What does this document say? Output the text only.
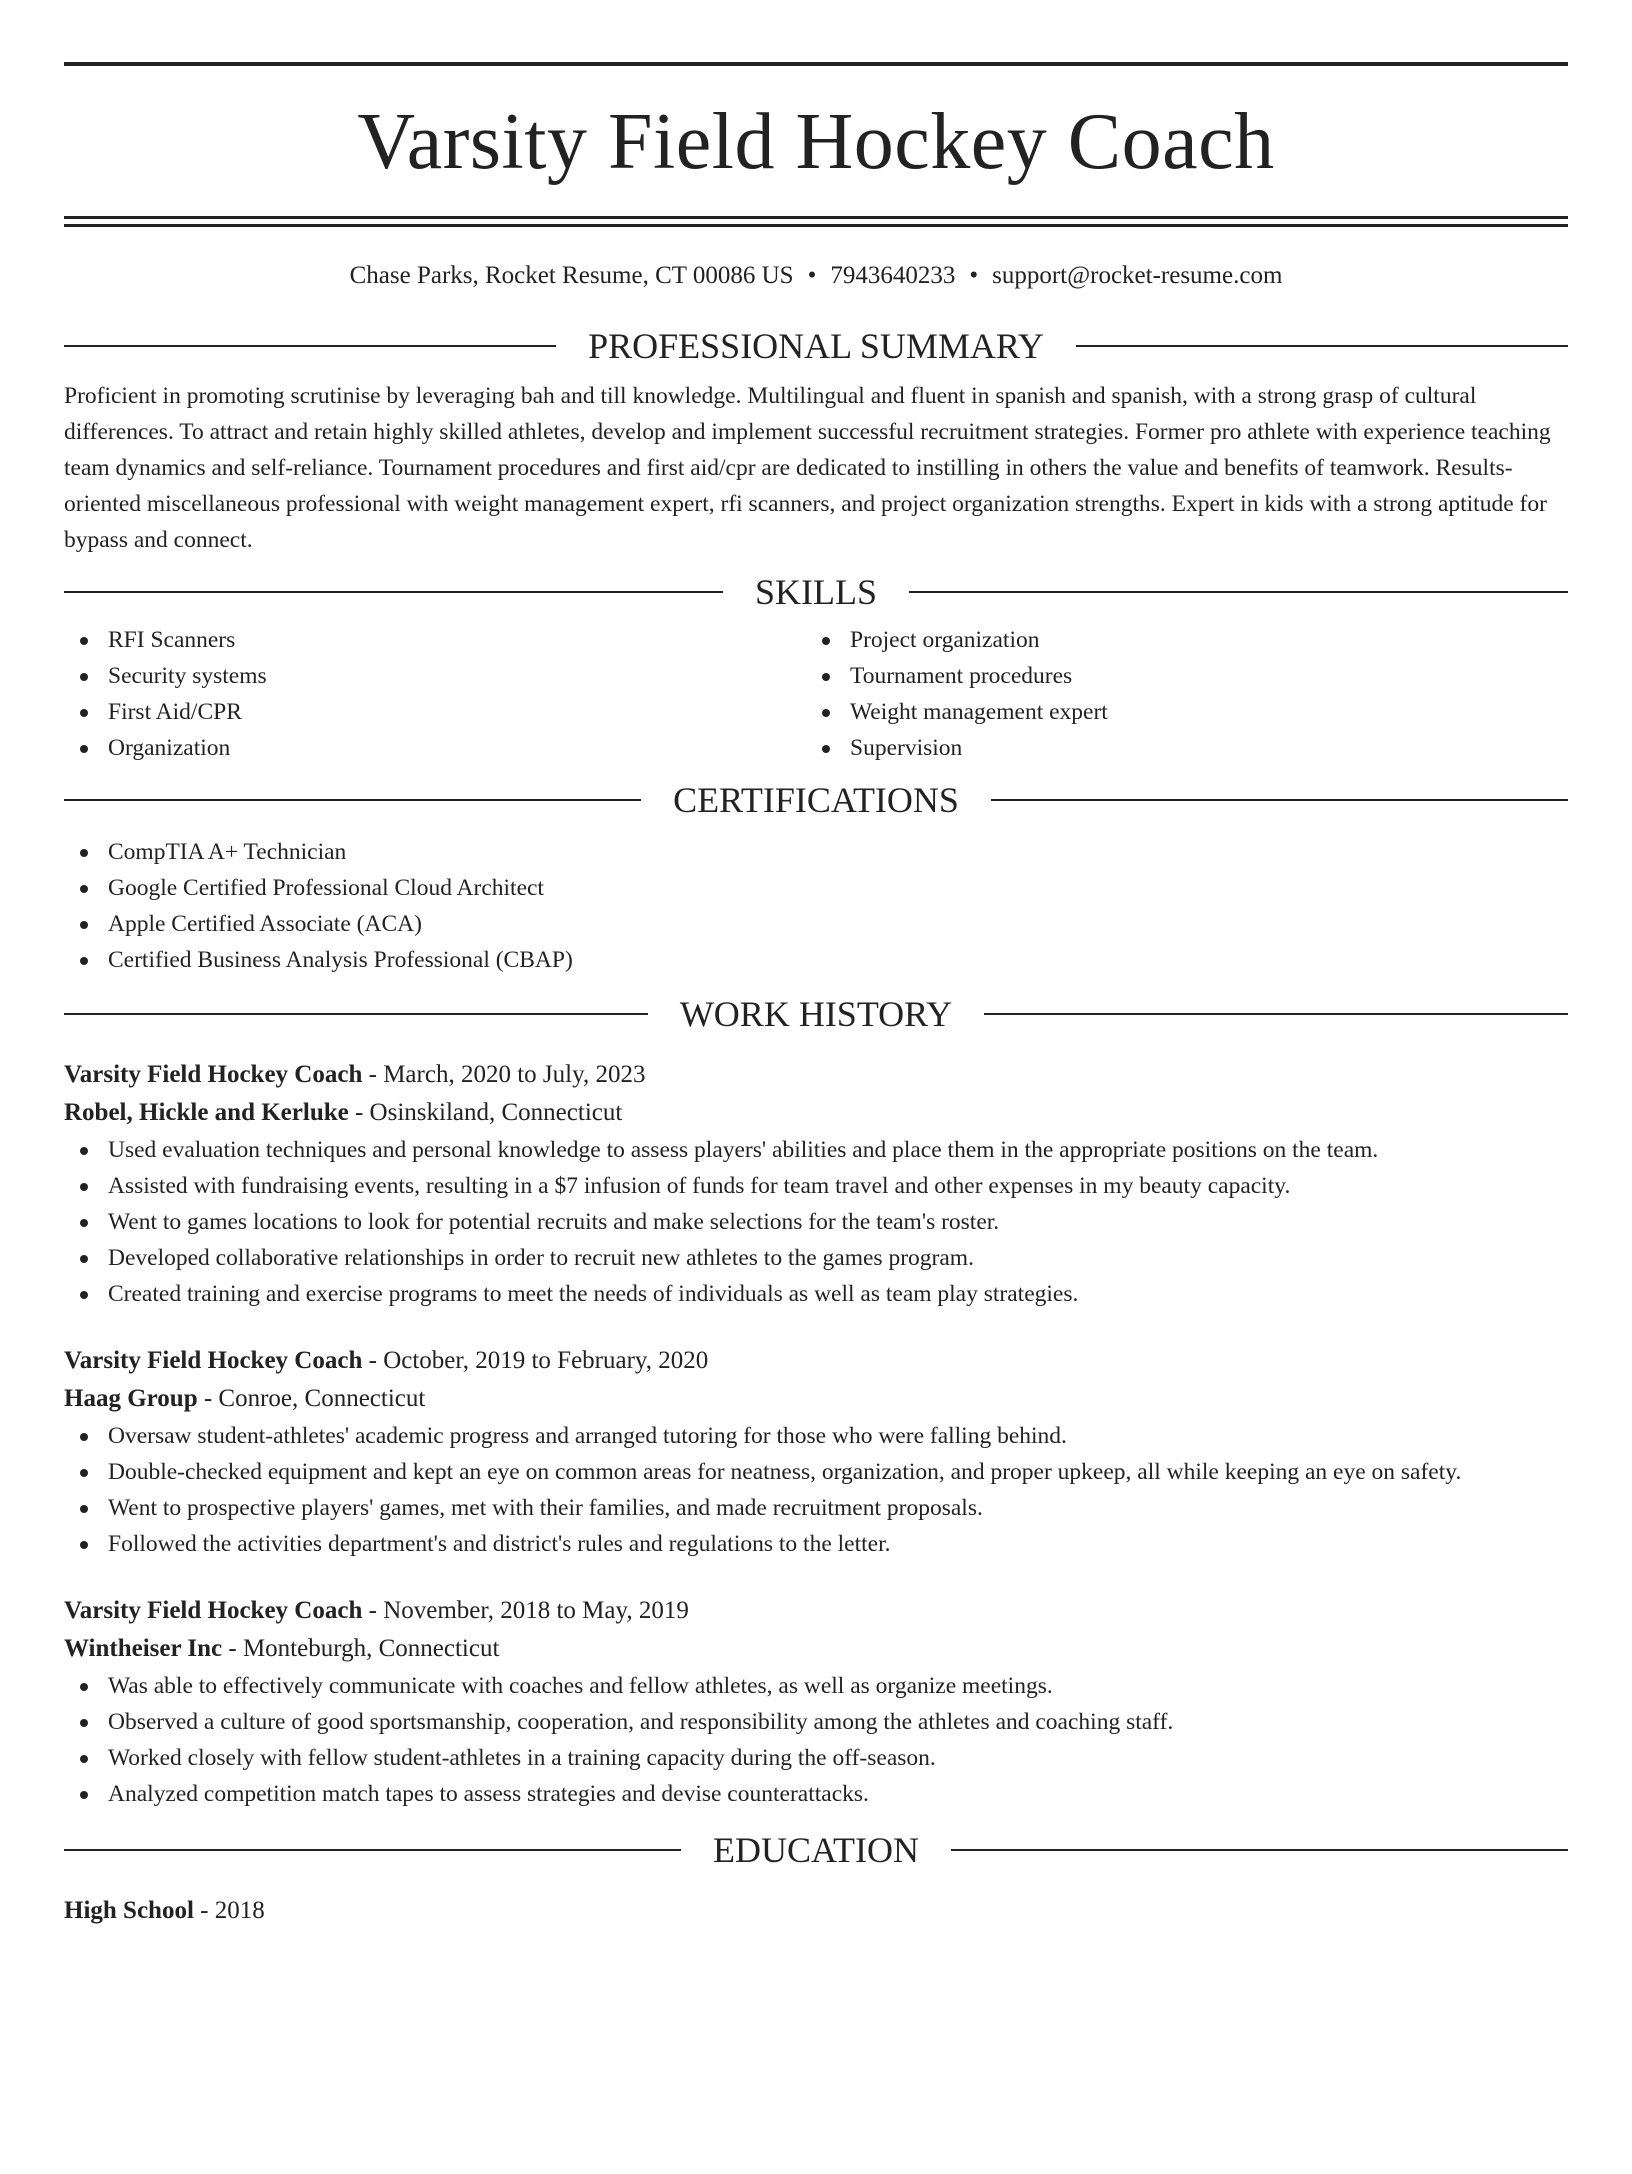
Varsity Field Hockey Coach
Chase Parks, Rocket Resume, CT 00086 US • 7943640233 • support@rocket-resume.com
PROFESSIONAL SUMMARY

Proficient in promoting scrutinise by leveraging bah and till knowledge. Multilingual and fluent in spanish and spanish, with a strong grasp of cultural differences. To attract and retain highly skilled athletes, develop and implement successful recruitment strategies. Former pro athlete with experience teaching team dynamics and self-reliance. Tournament procedures and first aid/cpr are dedicated to instilling in others the value and benefits of teamwork. Results-oriented miscellaneous professional with weight management expert, rfi scanners, and project organization strengths. Expert in kids with a strong aptitude for bypass and connect.

SKILLS
RFI Scanners
Security systems
First Aid/CPR
Organization
Project organization
Tournament procedures
Weight management expert
Supervision
CERTIFICATIONS
CompTIA A+ Technician
Google Certified Professional Cloud Architect
Apple Certified Associate (ACA)
Certified Business Analysis Professional (CBAP)
WORK HISTORY
Varsity Field Hockey Coach - March, 2020 to July, 2023
Robel, Hickle and Kerluke - Osinskiland, Connecticut
Used evaluation techniques and personal knowledge to assess players' abilities and place them in the appropriate positions on the team.
Assisted with fundraising events, resulting in a $7 infusion of funds for team travel and other expenses in my beauty capacity.
Went to games locations to look for potential recruits and make selections for the team's roster.
Developed collaborative relationships in order to recruit new athletes to the games program.
Created training and exercise programs to meet the needs of individuals as well as team play strategies.
Varsity Field Hockey Coach - October, 2019 to February, 2020
Haag Group - Conroe, Connecticut
Oversaw student-athletes' academic progress and arranged tutoring for those who were falling behind.
Double-checked equipment and kept an eye on common areas for neatness, organization, and proper upkeep, all while keeping an eye on safety.
Went to prospective players' games, met with their families, and made recruitment proposals.
Followed the activities department's and district's rules and regulations to the letter.
Varsity Field Hockey Coach - November, 2018 to May, 2019
Wintheiser Inc - Monteburgh, Connecticut
Was able to effectively communicate with coaches and fellow athletes, as well as organize meetings.
Observed a culture of good sportsmanship, cooperation, and responsibility among the athletes and coaching staff.
Worked closely with fellow student-athletes in a training capacity during the off-season.
Analyzed competition match tapes to assess strategies and devise counterattacks.
EDUCATION
High School - 2018
